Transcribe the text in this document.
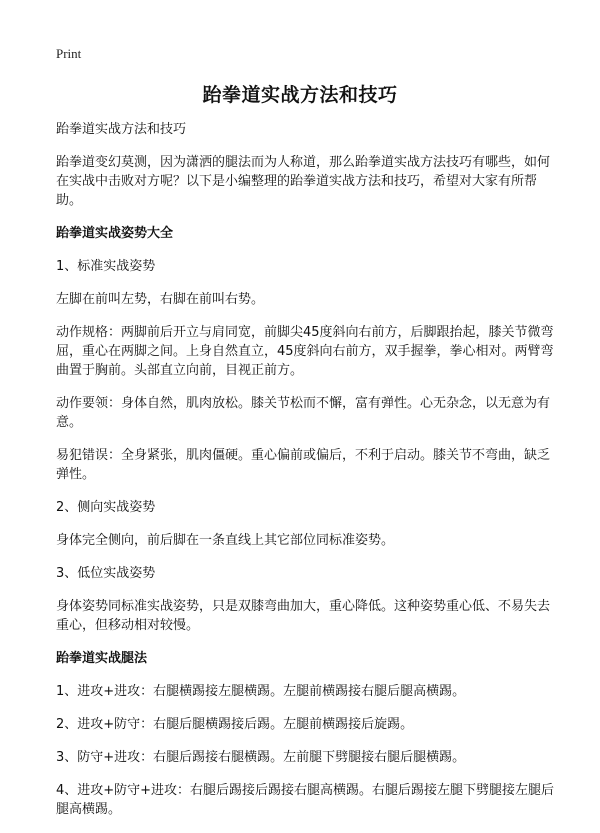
Print
跆拳道实战方法和技巧

跆拳道实战方法和技巧

跆拳道变幻莫测，因为潇洒的腿法而为人称道，那么跆拳道实战方法技巧有哪些，如何在实战中击败对方呢？以下是小编整理的跆拳道实战方法和技巧，希望对大家有所帮助。

跆拳道实战姿势大全

1、标准实战姿势

左脚在前叫左势，右脚在前叫右势。

动作规格：两脚前后开立与肩同宽，前脚尖45度斜向右前方，后脚跟抬起，膝关节微弯屈，重心在两脚之间。上身自然直立，45度斜向右前方，双手握拳，拳心相对。两臂弯曲置于胸前。头部直立向前，目视正前方。

动作要领：身体自然，肌肉放松。膝关节松而不懈，富有弹性。心无杂念，以无意为有意。

易犯错误：全身紧张，肌肉僵硬。重心偏前或偏后，不利于启动。膝关节不弯曲，缺乏弹性。

2、侧向实战姿势

身体完全侧向，前后脚在一条直线上其它部位同标准姿势。

3、低位实战姿势

身体姿势同标准实战姿势，只是双膝弯曲加大，重心降低。这种姿势重心低、不易失去重心，但移动相对较慢。

跆拳道实战腿法

1、进攻+进攻：右腿横踢接左腿横踢。左腿前横踢接右腿后腿高横踢。

2、进攻+防守：右腿后腿横踢接后踢。左腿前横踢接后旋踢。

3、防守+进攻：右腿后踢接右腿横踢。左前腿下劈腿接右腿后腿横踢。

4、进攻+防守+进攻：右腿后踢接后踢接右腿高横踢。右腿后踢接左腿下劈腿接左腿后腿高横踢。
